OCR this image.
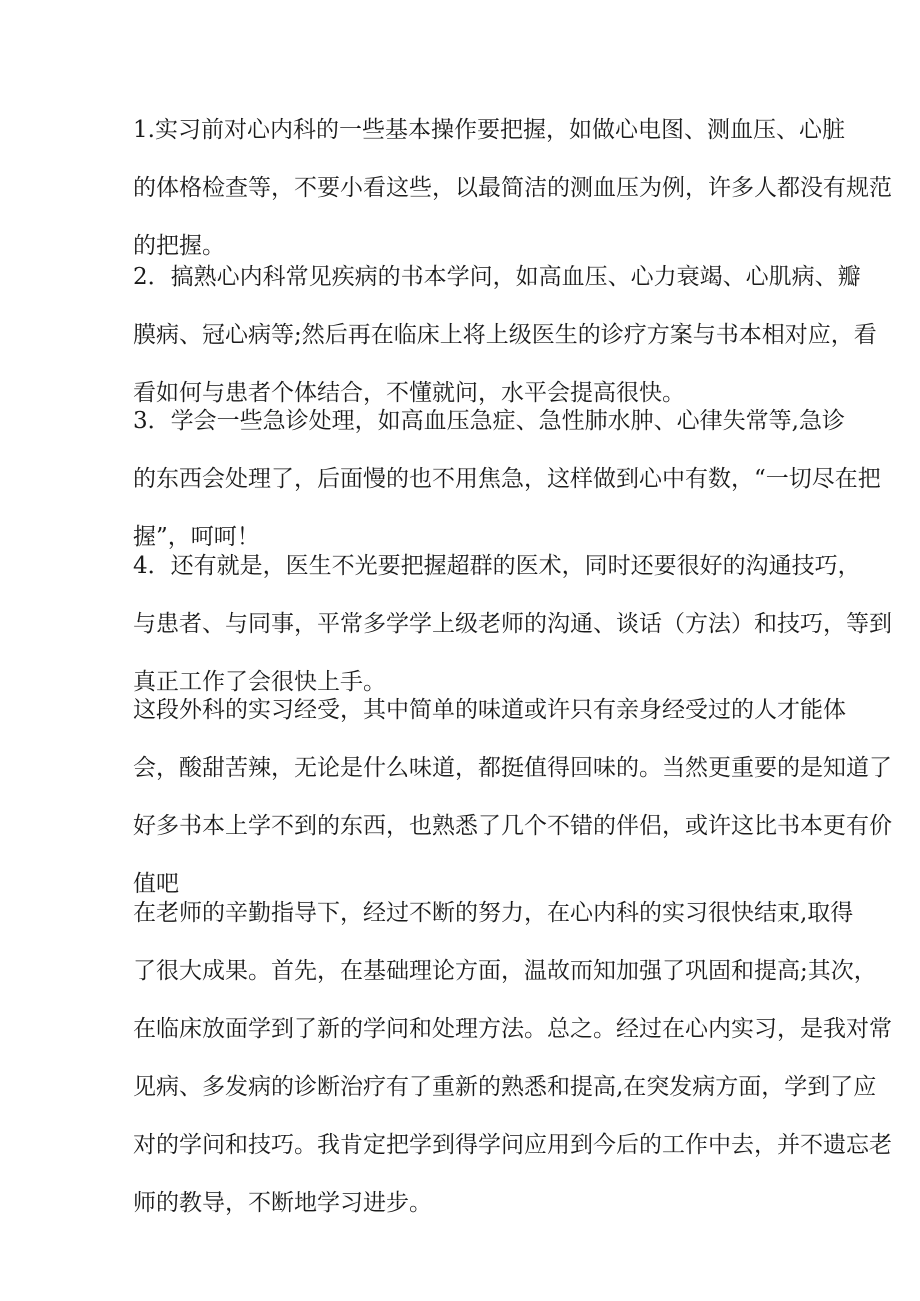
1.实习前对心内科的一些基本操作要把握，如做心电图、测血压、心脏
的体格检查等，不要小看这些，以最简洁的测血压为例，许多人都没有规范
的把握。
2．搞熟心内科常见疾病的书本学问，如高血压、心力衰竭、心肌病、瓣
膜病、冠心病等;然后再在临床上将上级医生的诊疗方案与书本相对应，看
看如何与患者个体结合，不懂就问，水平会提高很快。
3．学会一些急诊处理，如高血压急症、急性肺水肿、心律失常等,急诊
的东西会处理了，后面慢的也不用焦急，这样做到心中有数，“一切尽在把
握”，呵呵！
4．还有就是，医生不光要把握超群的医术，同时还要很好的沟通技巧，
与患者、与同事，平常多学学上级老师的沟通、谈话（方法）和技巧，等到
真正工作了会很快上手。
这段外科的实习经受，其中简单的味道或许只有亲身经受过的人才能体
会，酸甜苦辣，无论是什么味道，都挺值得回味的。当然更重要的是知道了
好多书本上学不到的东西，也熟悉了几个不错的伴侣，或许这比书本更有价
值吧
在老师的辛勤指导下，经过不断的努力，在心内科的实习很快结束,取得
了很大成果。首先，在基础理论方面，温故而知加强了巩固和提高;其次，
在临床放面学到了新的学问和处理方法。总之。经过在心内实习，是我对常
见病、多发病的诊断治疗有了重新的熟悉和提高,在突发病方面，学到了应
对的学问和技巧。我肯定把学到得学问应用到今后的工作中去，并不遗忘老
师的教导，不断地学习进步。
